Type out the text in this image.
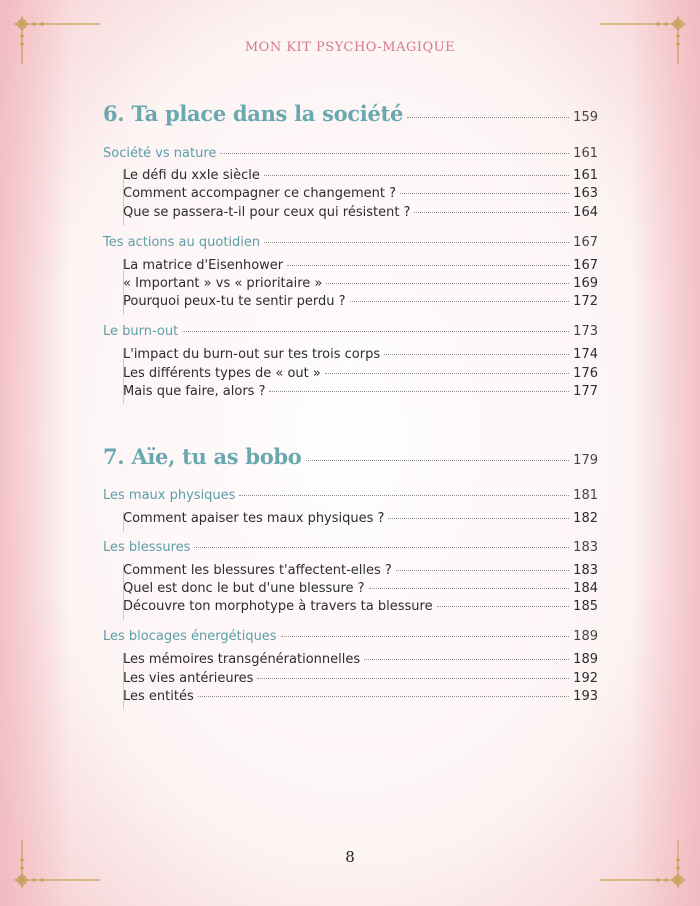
MON KIT PSYCHO-MAGIQUE
6. Ta place dans la société	159
Société vs nature	161
Le défi du xxIe siècle	161
Comment accompagner ce changement ?	163
Que se passera-t-il pour ceux qui résistent ?	164
Tes actions au quotidien	167
La matrice d'Eisenhower	167
« Important » vs « prioritaire »	169
Pourquoi peux-tu te sentir perdu ?	172
Le burn-out	173
L'impact du burn-out sur tes trois corps	174
Les différents types de « out »	176
Mais que faire, alors ?	177
7. Aïe, tu as bobo	179
Les maux physiques	181
Comment apaiser tes maux physiques ?	182
Les blessures	183
Comment les blessures t'affectent-elles ?	183
Quel est donc le but d'une blessure ?	184
Découvre ton morphotype à travers ta blessure	185
Les blocages énergétiques	189
Les mémoires transgénérationnelles	189
Les vies antérieures	192
Les entités	193
8
